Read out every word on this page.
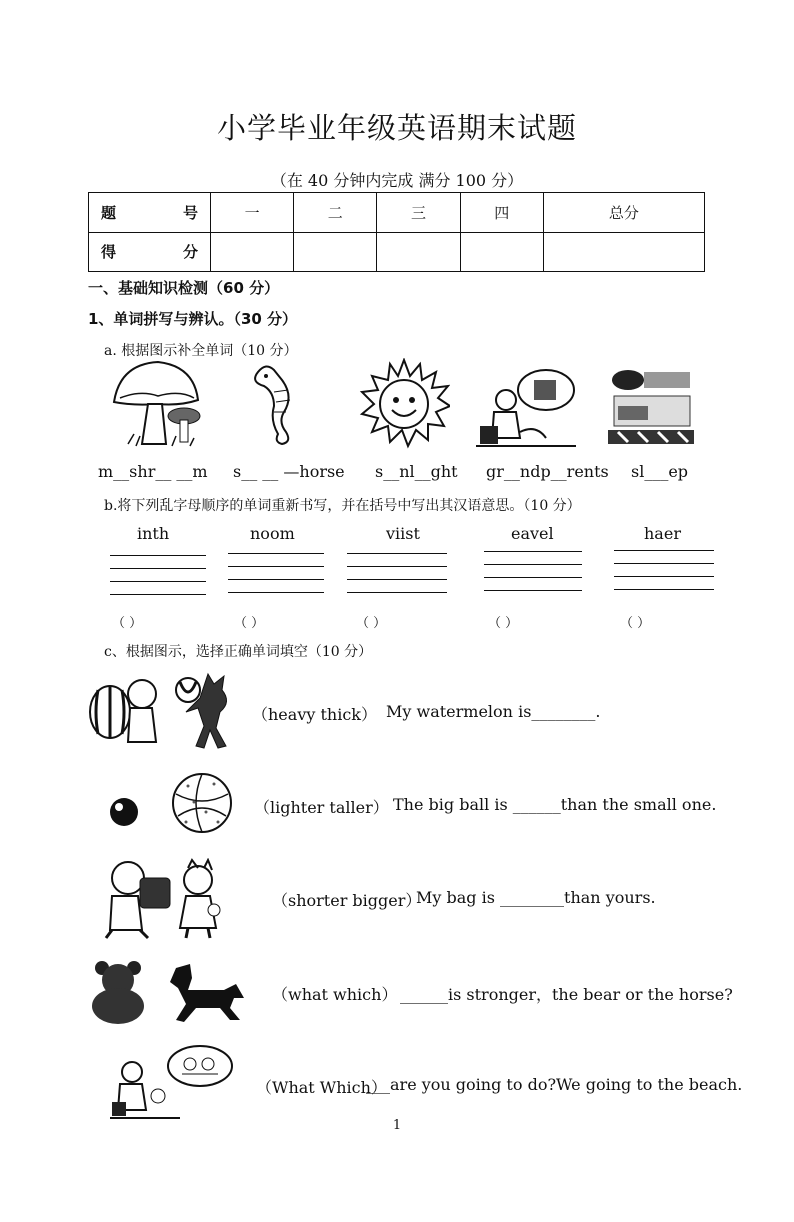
小学毕业年级英语期末试题
（在 40 分钟内完成 满分 100 分）
题 号	一	二	三	四	总分

得 分					

一、基础知识检测（60 分）
1、单词拼写与辨认。（30 分）
a. 根据图示补全单词（10 分）
m__shr__ __m s__ __ —horse s__nl__ght gr__ndp__rents sl___ep
b.将下列乱字母顺序的单词重新书写，并在括号中写出其汉语意思。（10 分）
inth	noom	viist	eavel	haer
（ ）	（ ）	（ ）	（ ）	（ ）
c、根据图示，选择正确单词填空（10 分）
（heavy thick） My watermelon is________.
（lighter taller） The big ball is ______than the small one.
（shorter bigger）
My bag is ________than yours.
（what which） ______is stronger，the bear or the horse?
（What Which）
___are you going to do?We going to the beach.
1
